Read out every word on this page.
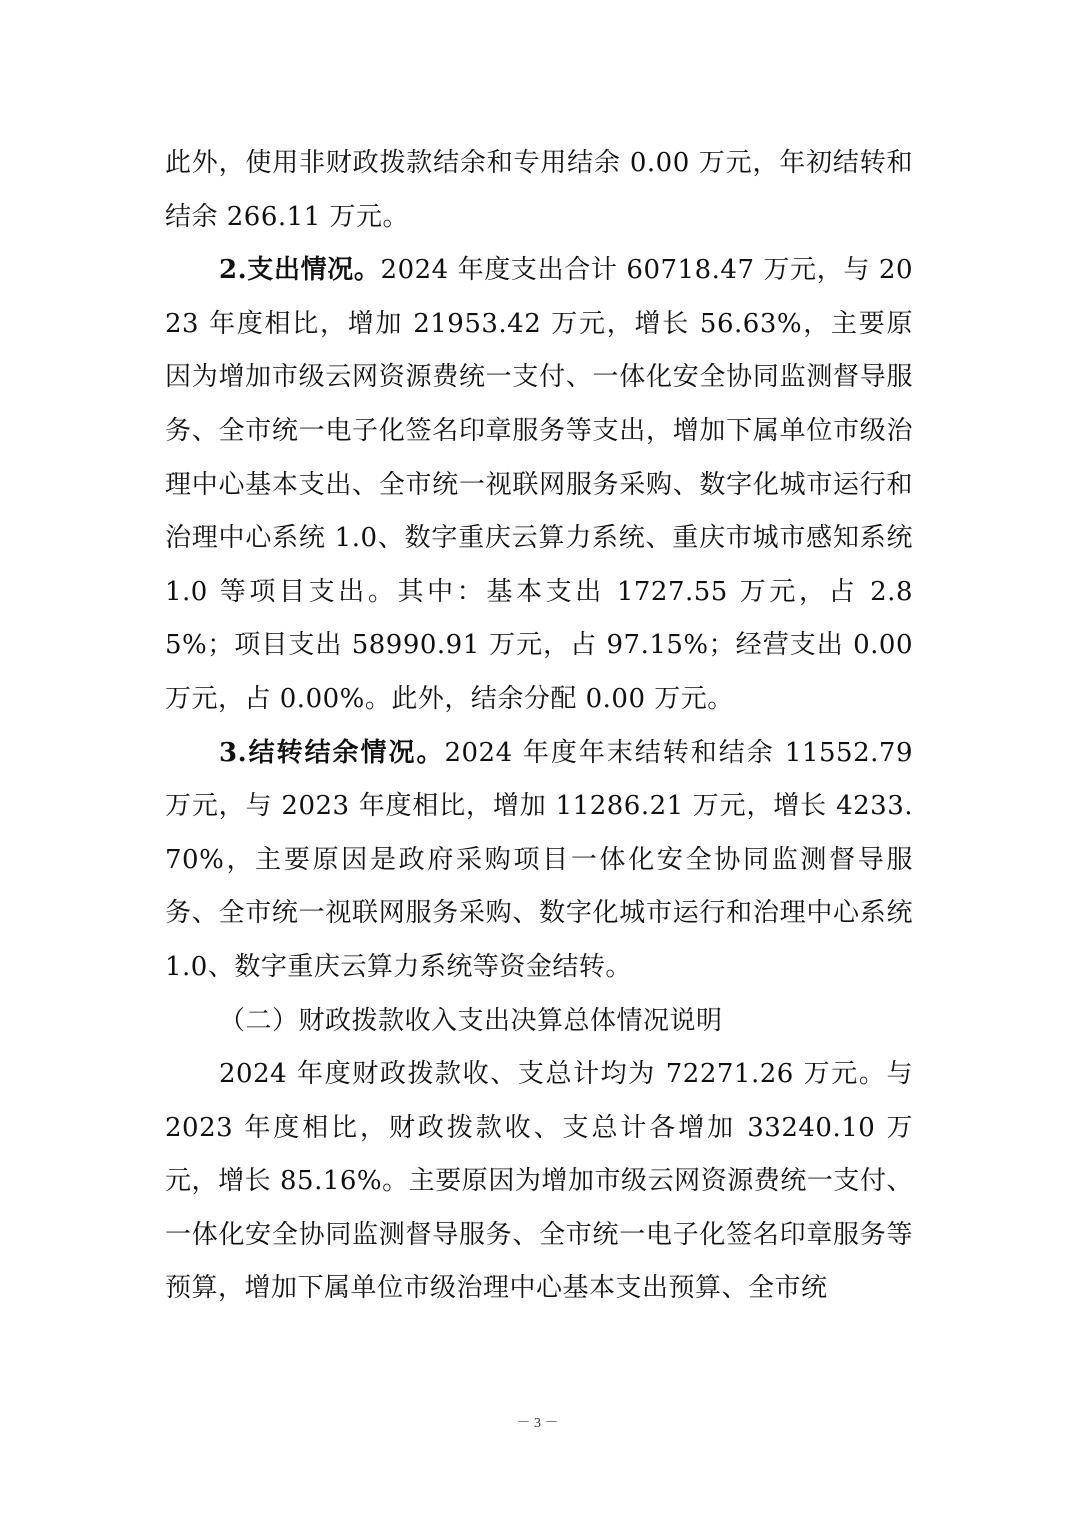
此外，使用非财政拨款结余和专用结余 0.00 万元，年初结转和结余 266.11 万元。

2.支出情况。2024 年度支出合计 60718.47 万元，与 2023 年度相比，增加 21953.42 万元，增长 56.63%，主要原因为增加市级云网资源费统一支付、一体化安全协同监测督导服务、全市统一电子化签名印章服务等支出，增加下属单位市级治理中心基本支出、全市统一视联网服务采购、数字化城市运行和治理中心系统 1.0、数字重庆云算力系统、重庆市城市感知系统 1.0 等项目支出。其中：基本支出 1727.55 万元，占 2.85%；项目支出 58990.91 万元，占 97.15%；经营支出 0.00 万元，占 0.00%。此外，结余分配 0.00 万元。

3.结转结余情况。2024 年度年末结转和结余 11552.79 万元，与 2023 年度相比，增加 11286.21 万元，增长 4233.70%，主要原因是政府采购项目一体化安全协同监测督导服务、全市统一视联网服务采购、数字化城市运行和治理中心系统 1.0、数字重庆云算力系统等资金结转。

（二）财政拨款收入支出决算总体情况说明

2024 年度财政拨款收、支总计均为 72271.26 万元。与 2023 年度相比，财政拨款收、支总计各增加 33240.10 万元，增长 85.16%。主要原因为增加市级云网资源费统一支付、一体化安全协同监测督导服务、全市统一电子化签名印章服务等预算，增加下属单位市级治理中心基本支出预算、全市统

－ 3 －
